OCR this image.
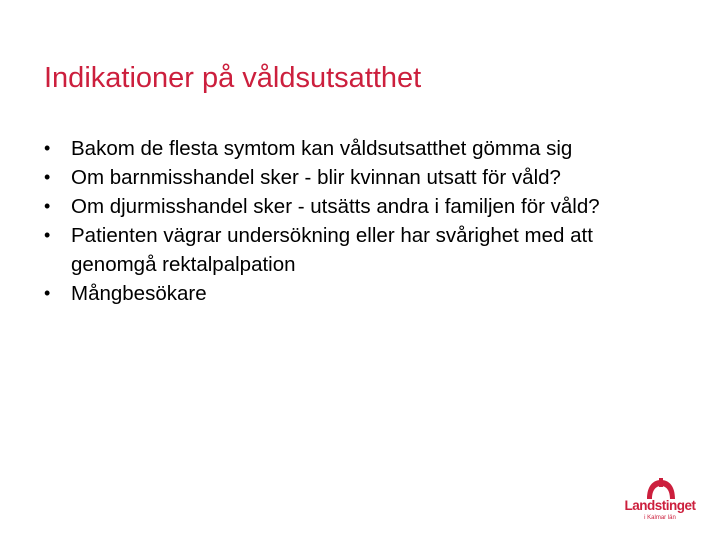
Indikationer på våldsutsatthet
•	Bakom de flesta symtom kan våldsutsatthet gömma sig
•	Om barnmisshandel sker - blir kvinnan utsatt för våld?
•	Om djurmisshandel sker - utsätts andra i familjen för våld?
•	Patienten vägrar undersökning eller har svårighet med att genomgå rektalpalpation
•	Mångbesökare
Landstinget
i Kalmar län
